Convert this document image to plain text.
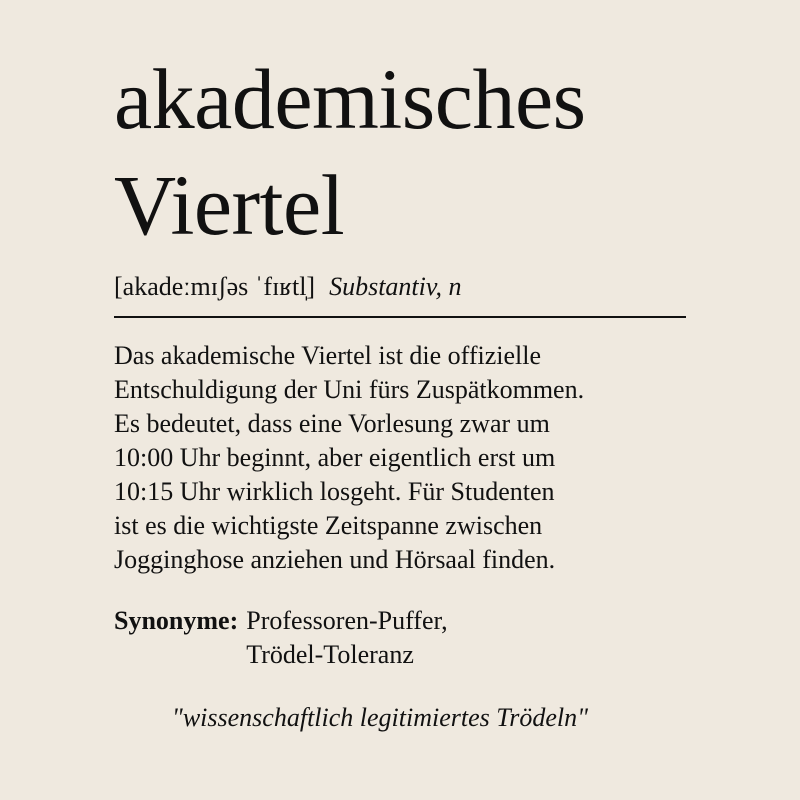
akademisches
Viertel
[akadeːmɪʃəs ˈfɪʁtl̩] Substantiv, n

Das akademische Viertel ist die offizielle
Entschuldigung der Uni fürs Zuspätkommen.
Es bedeutet, dass eine Vorlesung zwar um
10:00 Uhr beginnt, aber eigentlich erst um
10:15 Uhr wirklich losgeht. Für Studenten
ist es die wichtigste Zeitspanne zwischen
Jogginghose anziehen und Hörsaal finden.

Synonyme: Professoren-Puffer,
Trödel-Toleranz
"wissenschaftlich legitimiertes Trödeln"
